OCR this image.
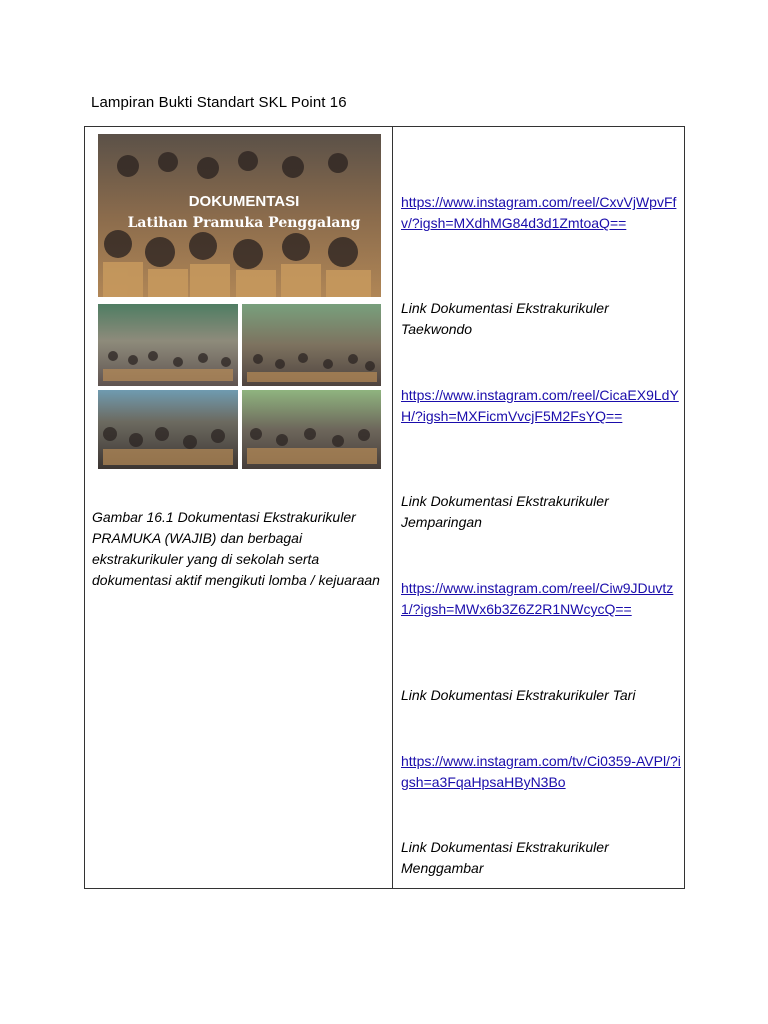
Lampiran Bukti Standart SKL Point 16
DOKUMENTASI
Latihan Pramuka Penggalang
Gambar 16.1 Dokumentasi Ekstrakurikuler PRAMUKA (WAJIB) dan berbagai ekstrakurikuler yang di sekolah serta dokumentasi aktif mengikuti lomba / kejuaraan
https://www.instagram.com/reel/CxvVjWpvFfv/?igsh=MXdhMG84d3d1ZmtoaQ==
Link Dokumentasi Ekstrakurikuler Taekwondo
https://www.instagram.com/reel/CicaEX9LdYH/?igsh=MXFicmVvcjF5M2FsYQ==
Link Dokumentasi Ekstrakurikuler Jemparingan
https://www.instagram.com/reel/Ciw9JDuvtz1/?igsh=MWx6b3Z6Z2R1NWcycQ==
Link Dokumentasi Ekstrakurikuler Tari
https://www.instagram.com/tv/Ci0359-AVPl/?igsh=a3FqaHpsaHByN3Bo
Link Dokumentasi Ekstrakurikuler Menggambar
